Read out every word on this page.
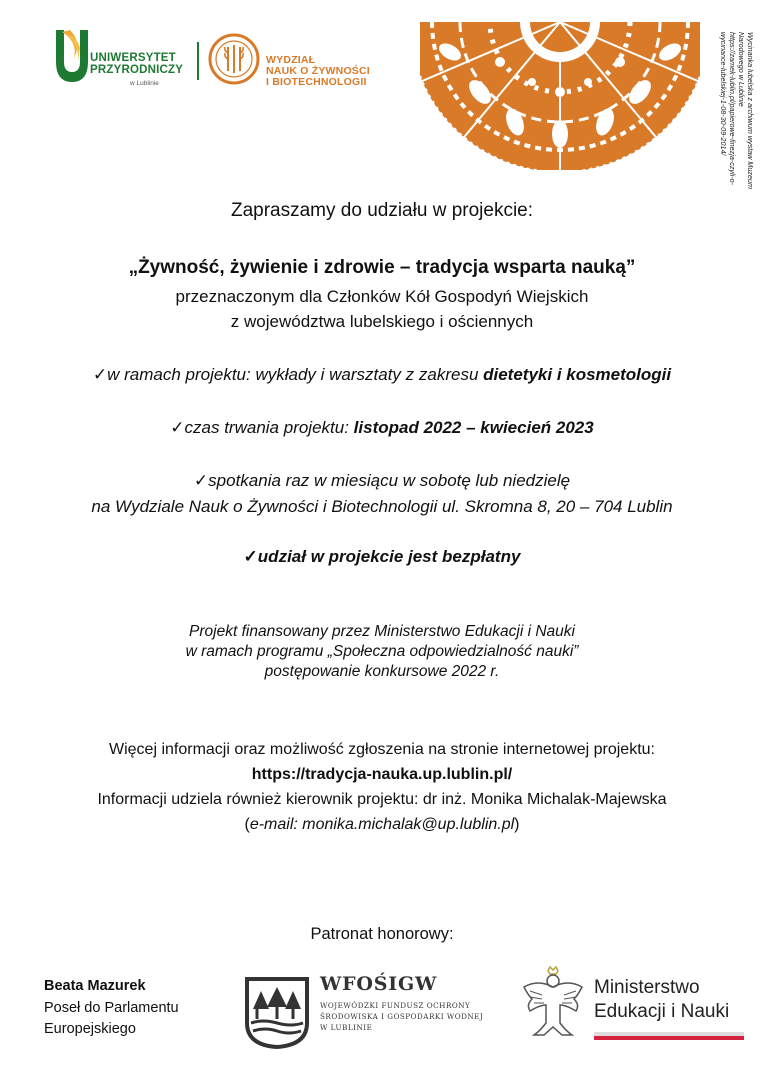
UNIWERSYTET
PRZYRODNICZY
w Lublinie
WYDZIAŁ
NAUK O ŻYWNOŚCI
I BIOTECHNOLOGII	Wycinanka lubelska z archiwum wystaw Muzeum
Narodowego w Lublinie
https://zamek-lublin.pl/papierowe-finezja-czyli-o-
wycinance-lubelskiej-1-08-30-09-2014/
Zapraszamy do udziału w projekcie:
„Żywność, żywienie i zdrowie – tradycja wsparta nauką”
przeznaczonym dla Członków Kół Gospodyń Wiejskich
z województwa lubelskiego i ościennych
✓w ramach projektu: wykłady i warsztaty z zakresu dietetyki i kosmetologii
✓czas trwania projektu: listopad 2022 – kwiecień 2023
✓spotkania raz w miesiącu w sobotę lub niedzielę
na Wydziale Nauk o Żywności i Biotechnologii ul. Skromna 8, 20 – 704 Lublin
✓udział w projekcie jest bezpłatny
Projekt finansowany przez Ministerstwo Edukacji i Nauki
w ramach programu „Społeczna odpowiedzialność nauki”
postępowanie konkursowe 2022 r.
Więcej informacji oraz możliwość zgłoszenia na stronie internetowej projektu:
https://tradycja-nauka.up.lublin.pl/
Informacji udziela również kierownik projektu: dr inż. Monika Michalak-Majewska
(e-mail: monika.michalak@up.lublin.pl)
Patronat honorowy:
Beata Mazurek
Poseł do Parlamentu
Europejskiego
WFOŚIGW
WOJEWÓDZKI FUNDUSZ OCHRONY
ŚRODOWISKA I GOSPODARKI WODNEJ
W LUBLINIE
Ministerstwo
Edukacji i Nauki
